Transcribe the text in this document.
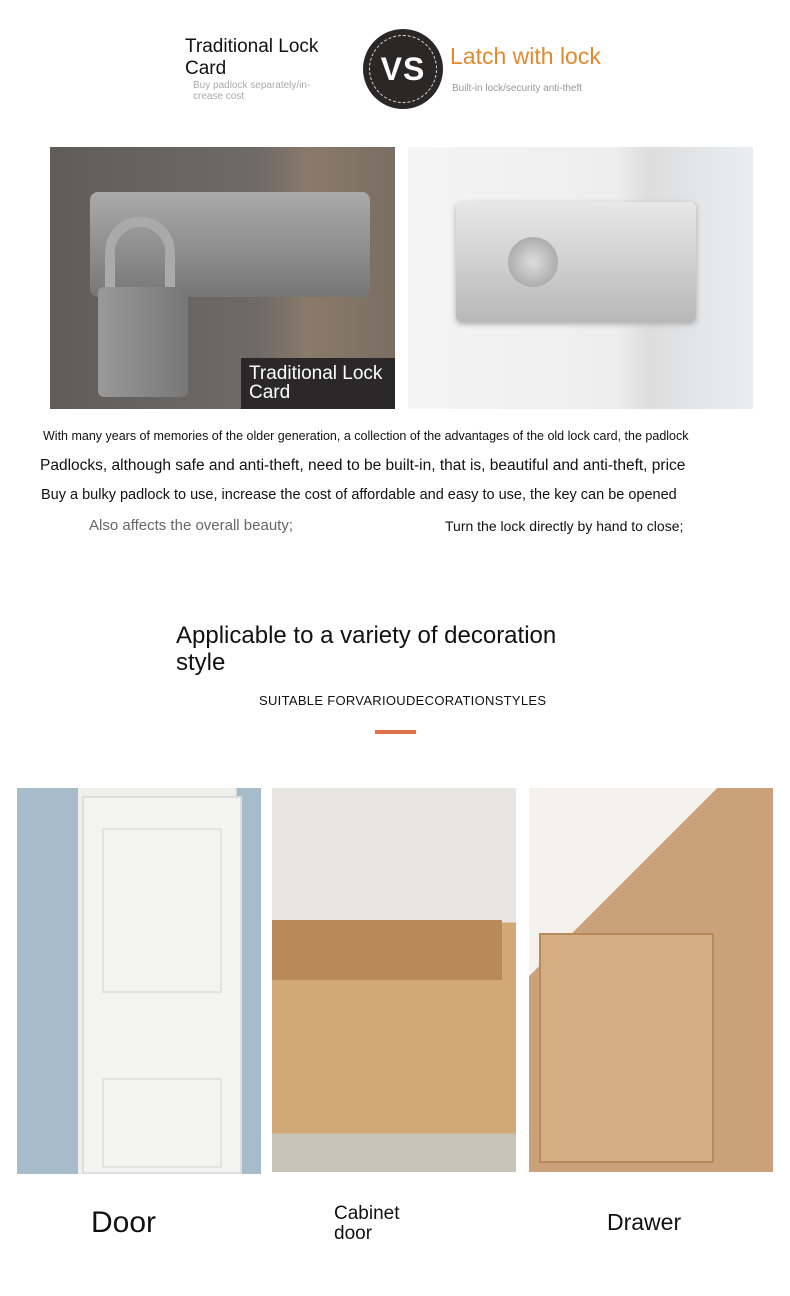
Traditional Lock Card
Buy padlock separately/in-crease cost
VS Latch with lock
Built-in lock/security anti-theft
Traditional Lock Card
With many years of memories of the older generation, a collection of the advantages of the old lock card, the padlock
Padlocks, although safe and anti-theft, need to be built-in, that is, beautiful and anti-theft, price
Buy a bulky padlock to use, increase the cost of affordable and easy to use, the key can be opened
Also affects the overall beauty;	Turn the lock directly by hand to close;
Applicable to a variety of decoration style
SUITABLE FORVARIOUDECORATIONSTYLES
Door	Cabinet door	Drawer
